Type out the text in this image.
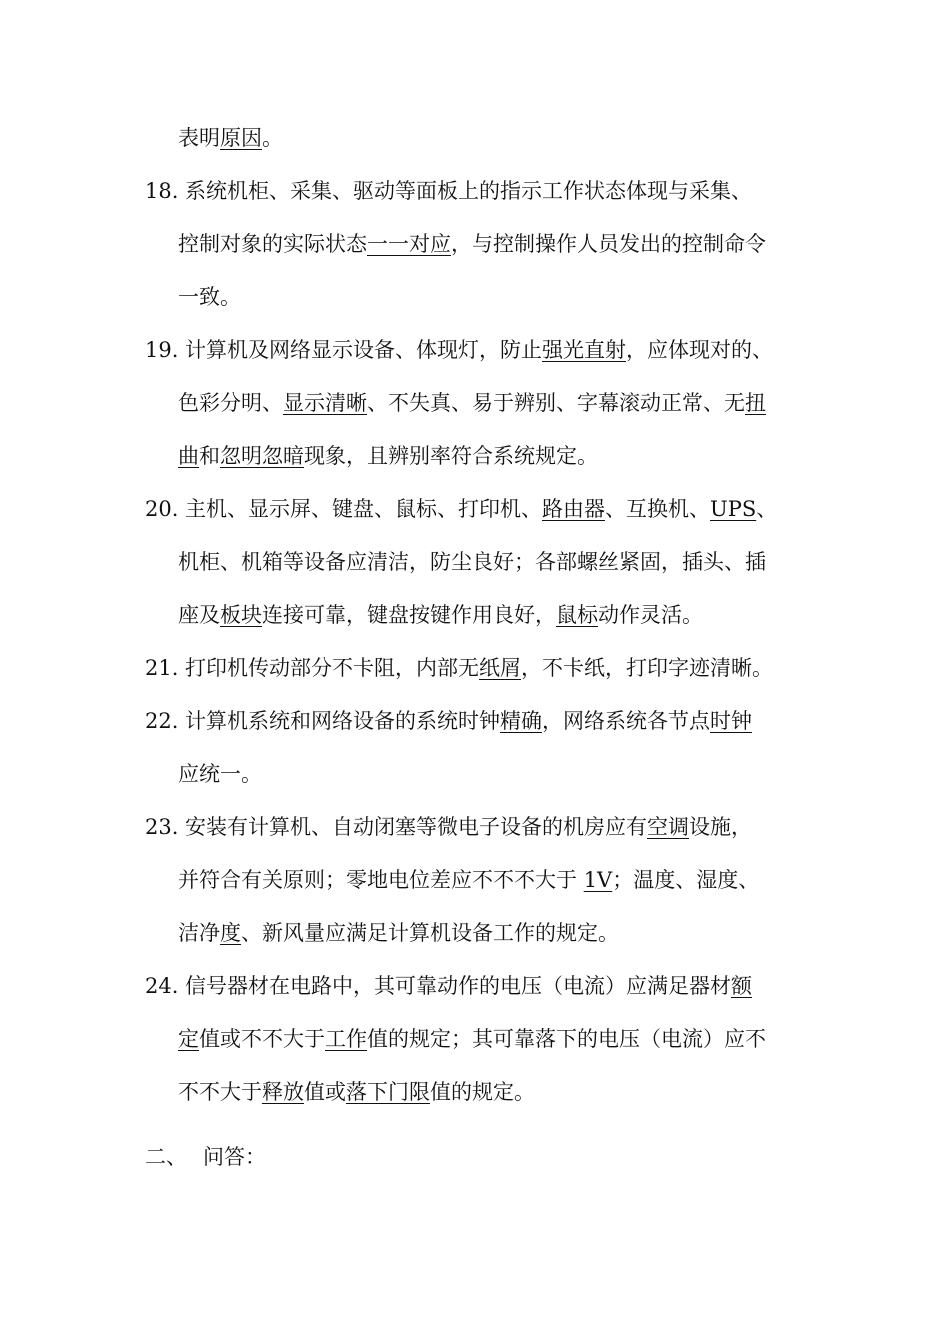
表明原因。
18. 系统机柜、采集、驱动等面板上的指示工作状态体现与采集、
控制对象的实际状态一一对应，与控制操作人员发出的控制命令
一致。
19. 计算机及网络显示设备、体现灯，防止强光直射，应体现对的、
色彩分明、显示清晰、不失真、易于辨别、字幕滚动正常、无扭
曲和忽明忽暗现象，且辨别率符合系统规定。
20. 主机、显示屏、键盘、鼠标、打印机、路由器、互换机、UPS、
机柜、机箱等设备应清洁，防尘良好；各部螺丝紧固，插头、插
座及板块连接可靠，键盘按键作用良好，鼠标动作灵活。
21. 打印机传动部分不卡阻，内部无纸屑，不卡纸，打印字迹清晰。
22. 计算机系统和网络设备的系统时钟精确，网络系统各节点时钟
应统一。
23. 安装有计算机、自动闭塞等微电子设备的机房应有空调设施，
并符合有关原则；零地电位差应不不不大于 1V；温度、湿度、
洁净度、新风量应满足计算机设备工作的规定。
24. 信号器材在电路中，其可靠动作的电压（电流）应满足器材额
定值或不不大于工作值的规定；其可靠落下的电压（电流）应不
不不大于释放值或落下门限值的规定。
二、 问答：
